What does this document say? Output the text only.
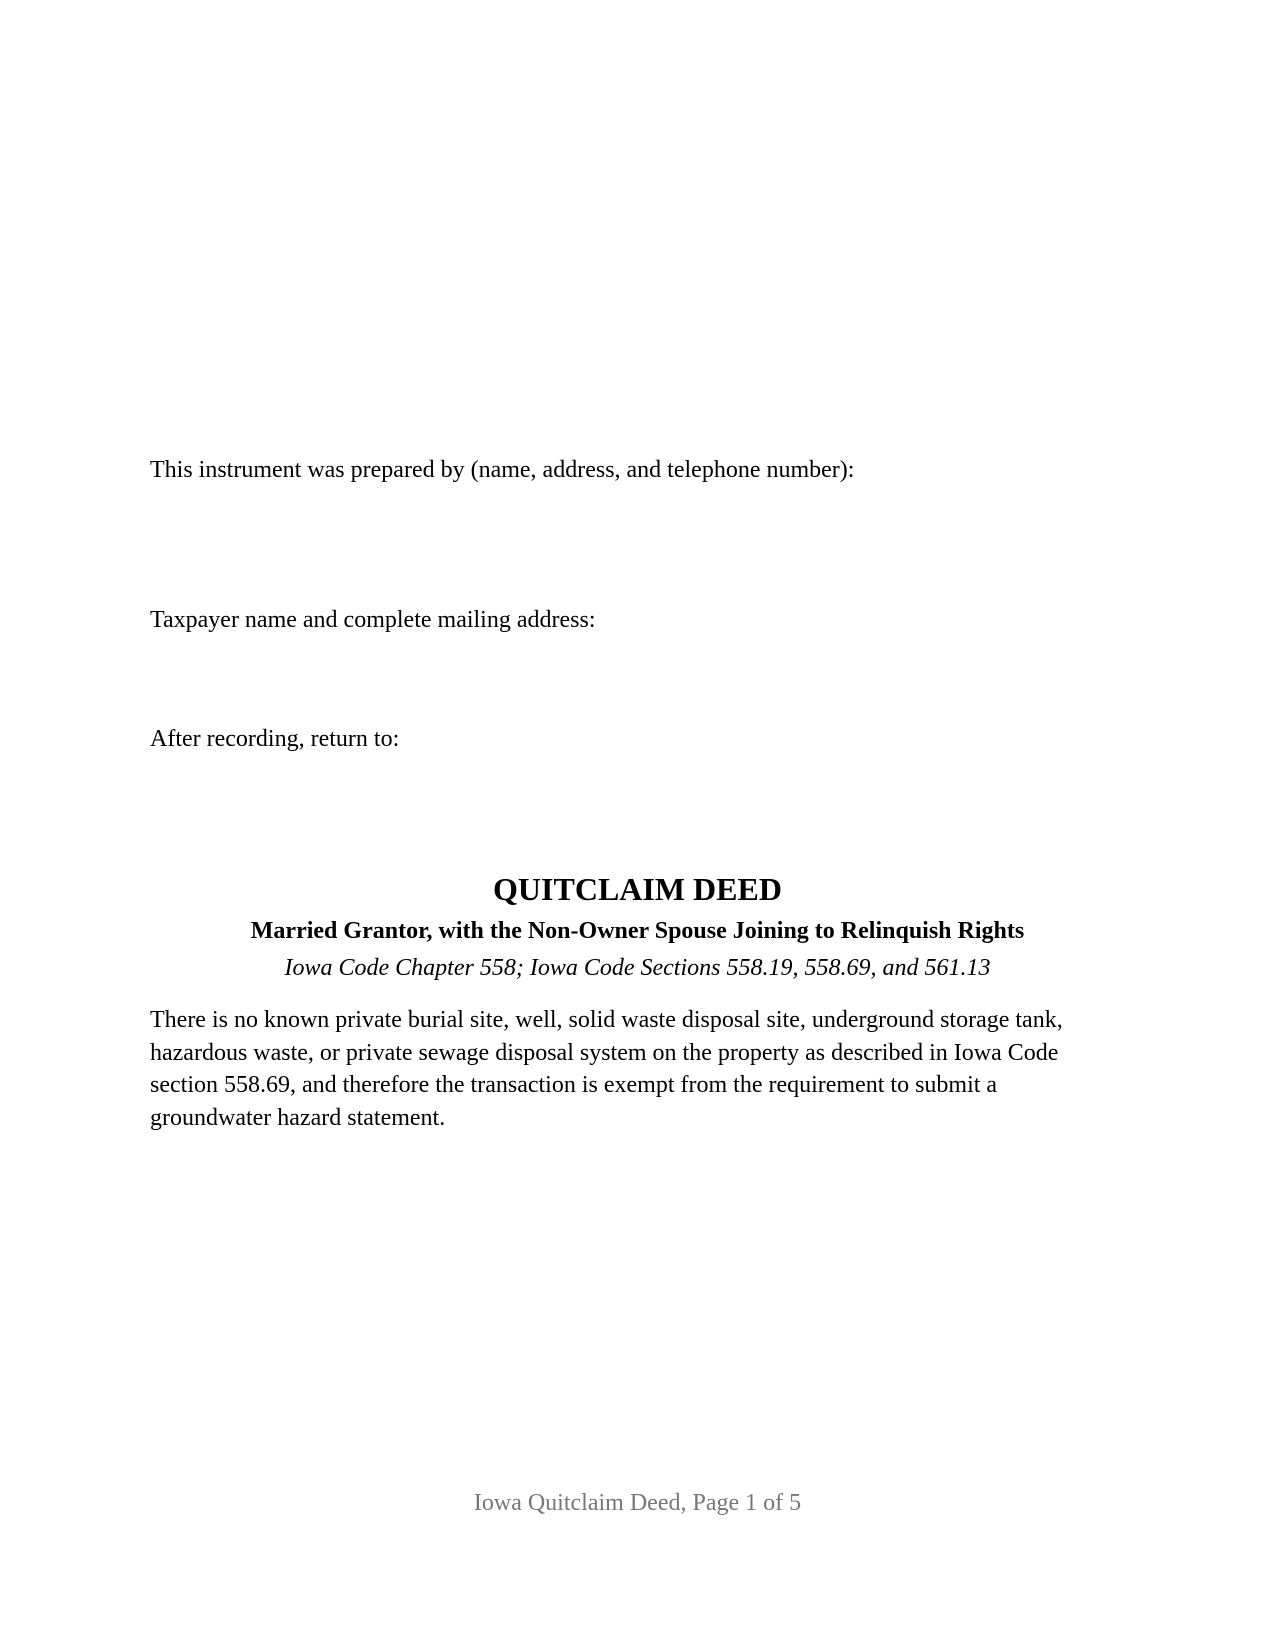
This instrument was prepared by (name, address, and telephone number):
Taxpayer name and complete mailing address:
After recording, return to:
QUITCLAIM DEED
Married Grantor, with the Non-Owner Spouse Joining to Relinquish Rights
Iowa Code Chapter 558; Iowa Code Sections 558.19, 558.69, and 561.13
There is no known private burial site, well, solid waste disposal site, underground storage tank, hazardous waste, or private sewage disposal system on the property as described in Iowa Code section 558.69, and therefore the transaction is exempt from the requirement to submit a groundwater hazard statement.
Iowa Quitclaim Deed, Page 1 of 5
